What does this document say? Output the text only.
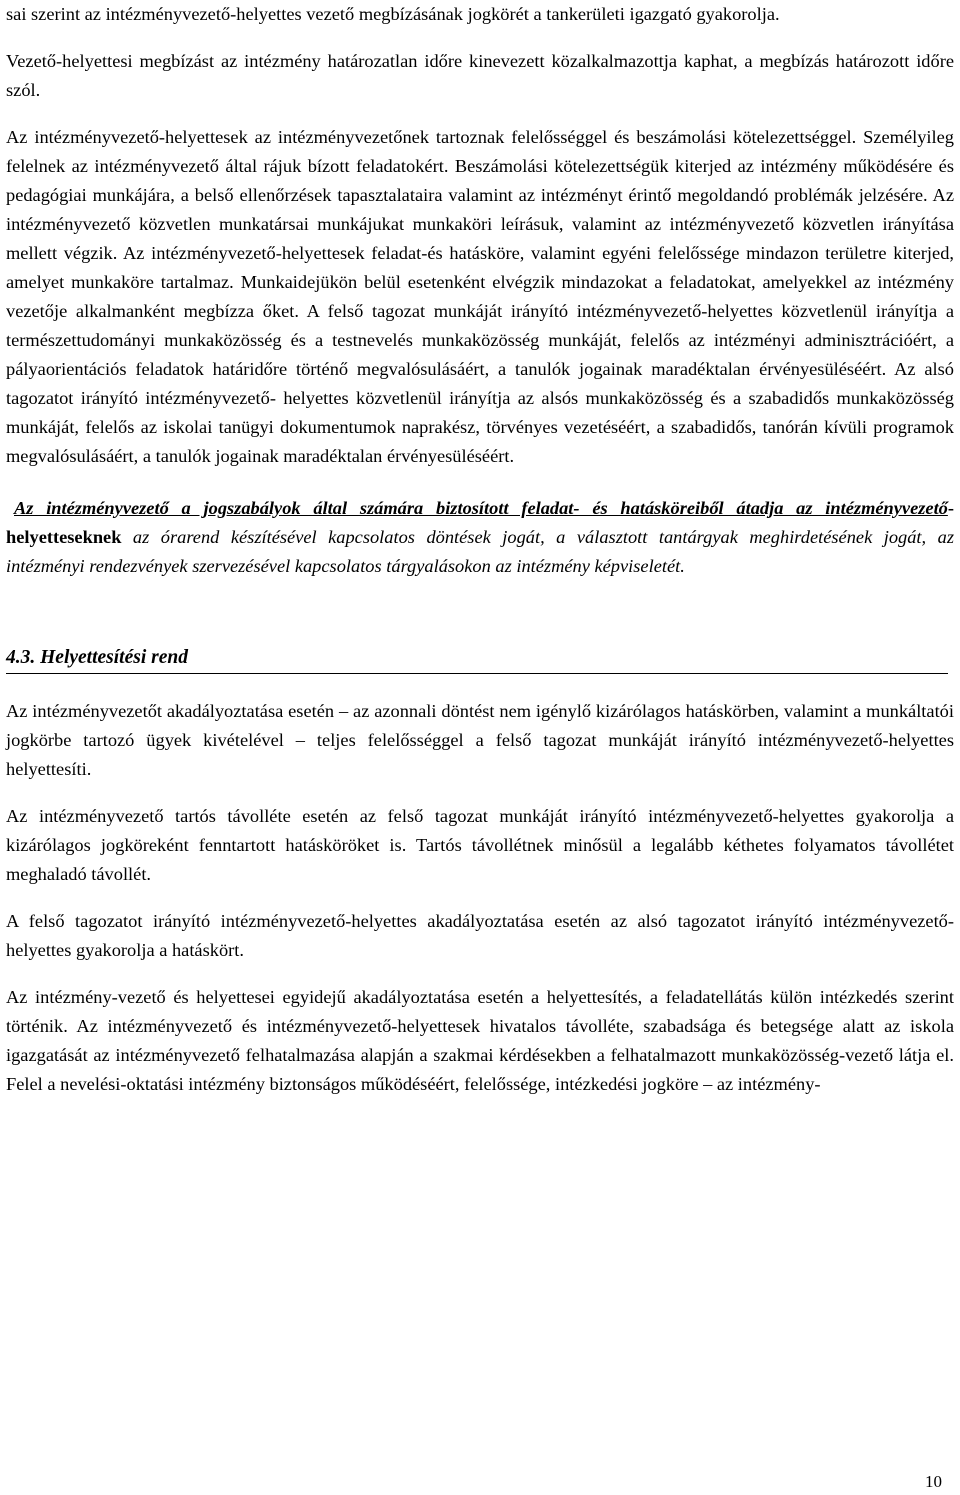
sai szerint az intézményvezető-helyettes vezető megbízásának jogkörét a tankerületi igazgató gyakorolja.

Vezető-helyettesi megbízást az intézmény határozatlan időre kinevezett közalkalmazottja kaphat, a megbízás határozott időre szól.

Az intézményvezető-helyettesek az intézményvezetőnek tartoznak felelősséggel és beszámolási kötelezettséggel. Személyileg felelnek az intézményvezető által rájuk bízott feladatokért. Beszámolási kötelezettségük kiterjed az intézmény működésére és pedagógiai munkájára, a belső ellenőrzések tapasztalataira valamint az intézményt érintő megoldandó problémák jelzésére. Az intézményvezető közvetlen munkatársai munkájukat munkaköri leírásuk, valamint az intézményvezető közvetlen irányítása mellett végzik. Az intézményvezető-helyettesek feladat-és hatásköre, valamint egyéni felelőssége mindazon területre kiterjed, amelyet munkaköre tartalmaz. Munkaidejükön belül esetenként elvégzik mindazokat a feladatokat, amelyekkel az intézmény vezetője alkalmanként megbízza őket. A felső tagozat munkáját irányító intézményvezető-helyettes közvetlenül irányítja a természettudományi munkaközösség és a testnevelés munkaközösség munkáját, felelős az intézményi adminisztrációért, a pályaorientációs feladatok határidőre történő megvalósulásáért, a tanulók jogainak maradéktalan érvényesüléséért. Az alsó tagozatot irányító intézményvezető- helyettes közvetlenül irányítja az alsós munkaközösség és a szabadidős munkaközösség munkáját, felelős az iskolai tanügyi dokumentumok naprakész, törvényes vezetéséért, a szabadidős, tanórán kívüli programok megvalósulásáért, a tanulók jogainak maradéktalan érvényesüléséért.

Az intézményvezető a jogszabályok által számára biztosított feladat- és hatásköreiből átadja az intézményvezető-helyetteseknek az órarend készítésével kapcsolatos döntések jogát, a választott tantárgyak meghirdetésének jogát, az intézményi rendezvények szervezésével kapcsolatos tárgyalásokon az intézmény képviseletét.

4.3. Helyettesítési rend

Az intézményvezetőt akadályoztatása esetén – az azonnali döntést nem igénylő kizárólagos hatáskörben, valamint a munkáltatói jogkörbe tartozó ügyek kivételével – teljes felelősséggel a felső tagozat munkáját irányító intézményvezető-helyettes helyettesíti.

Az intézményvezető tartós távolléte esetén az felső tagozat munkáját irányító intézményvezető-helyettes gyakorolja a kizárólagos jogköreként fenntartott hatásköröket is. Tartós távollétnek minősül a legalább kéthetes folyamatos távollétet meghaladó távollét.

A felső tagozatot irányító intézményvezető-helyettes akadályoztatása esetén az alsó tagozatot irányító intézményvezető-helyettes gyakorolja a hatáskört.

Az intézmény-vezető és helyettesei egyidejű akadályoztatása esetén a helyettesítés, a feladatellátás külön intézkedés szerint történik. Az intézményvezető és intézményvezető-helyettesek hivatalos távolléte, szabadsága és betegsége alatt az iskola igazgatását az intézményvezető felhatalmazása alapján a szakmai kérdésekben a felhatalmazott munkaközösség-vezető látja el. Felel a nevelési-oktatási intézmény biztonságos működéséért, felelőssége, intézkedési jogköre – az intézmény-

10
